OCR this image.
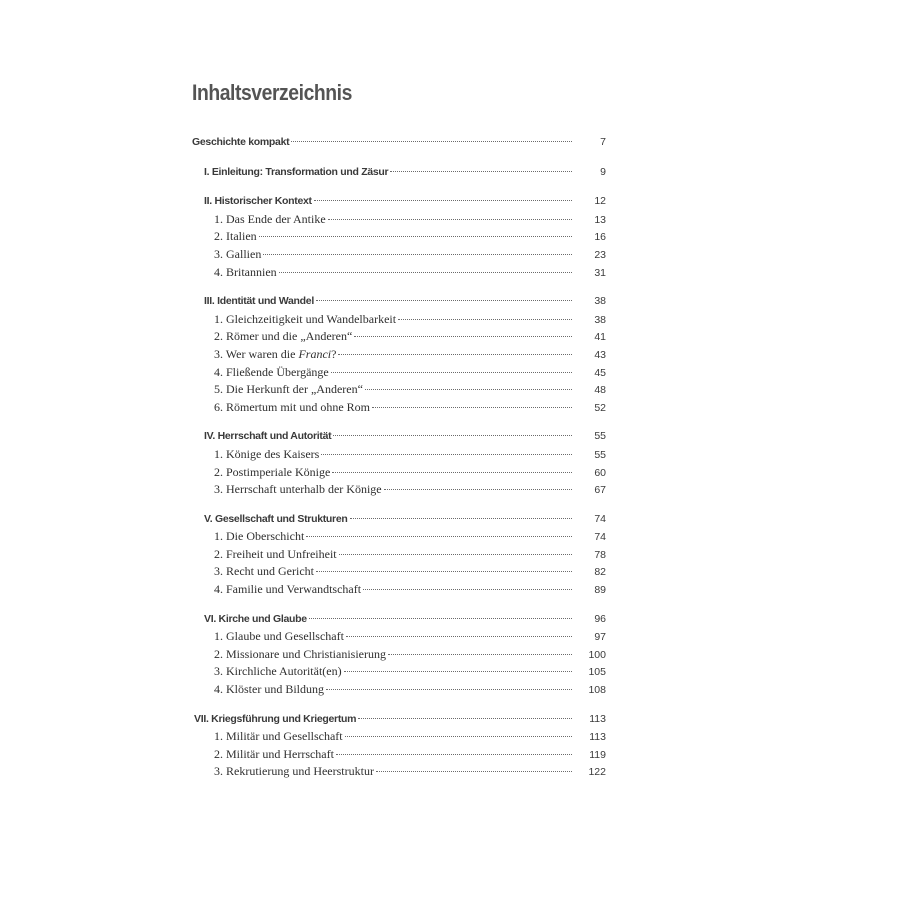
Inhaltsverzeichnis
Geschichte kompakt	7
I. Einleitung: Transformation und Zäsur	9
II. Historischer Kontext	12
1. Das Ende der Antike	13
2. Italien	16
3. Gallien	23
4. Britannien	31
III. Identität und Wandel	38
1. Gleichzeitigkeit und Wandelbarkeit	38
2. Römer und die „Anderen“	41
3. Wer waren die Franci?	43
4. Fließende Übergänge	45
5. Die Herkunft der „Anderen“	48
6. Römertum mit und ohne Rom	52
IV. Herrschaft und Autorität	55
1. Könige des Kaisers	55
2. Postimperiale Könige	60
3. Herrschaft unterhalb der Könige	67
V. Gesellschaft und Strukturen	74
1. Die Oberschicht	74
2. Freiheit und Unfreiheit	78
3. Recht und Gericht	82
4. Familie und Verwandtschaft	89
VI. Kirche und Glaube	96
1. Glaube und Gesellschaft	97
2. Missionare und Christianisierung	100
3. Kirchliche Autorität(en)	105
4. Klöster und Bildung	108
VII. Kriegsführung und Kriegertum	113
1. Militär und Gesellschaft	113
2. Militär und Herrschaft	119
3. Rekrutierung und Heerstruktur	122
